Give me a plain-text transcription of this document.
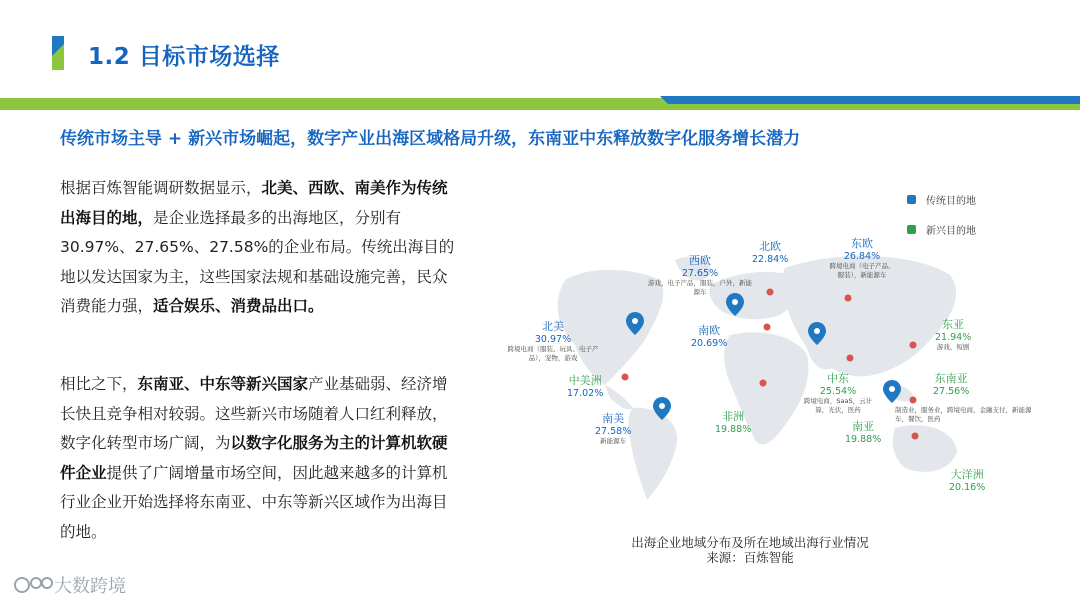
1.2 目标市场选择
传统市场主导 + 新兴市场崛起，数字产业出海区域格局升级，东南亚中东释放数字化服务增长潜力
根据百炼智能调研数据显示，北美、西欧、南美作为传统出海目的地，是企业选择最多的出海地区，分别有30.97%、27.65%、27.58%的企业布局。传统出海目的地以发达国家为主，这些国家法规和基础设施完善，民众消费能力强，适合娱乐、消费品出口。
相比之下，东南亚、中东等新兴国家产业基础弱、经济增长快且竞争相对较弱。这些新兴市场随着人口红利释放，数字化转型市场广阔，为以数字化服务为主的计算机软硬件企业提供了广阔增量市场空间，因此越来越多的计算机行业企业开始选择将东南亚、中东等新兴区域作为出海目的地。
传统目的地
新兴目的地
西欧
27.65%
游戏，电子产品，服装，户外，新能源车
北欧
22.84%
东欧
26.84%
跨境电商（电子产品、服装），新能源车
南欧
20.69%
北美
30.97%
跨境电商（服装、玩具、电子产品），宠物，游戏
中美洲
17.02%
南美
27.58%
新能源车
非洲
19.88%
中东
25.54%
跨境电商，SaaS，云计算，光伏，医药
东亚
21.94%
游戏，短剧
东南亚
27.56%
制造业，服务业，跨境电商，金融支付，新能源车，餐饮，医药
南亚
19.88%
大洋洲
20.16%
出海企业地域分布及所在地域出海行业情况
来源：百炼智能
大数跨境
